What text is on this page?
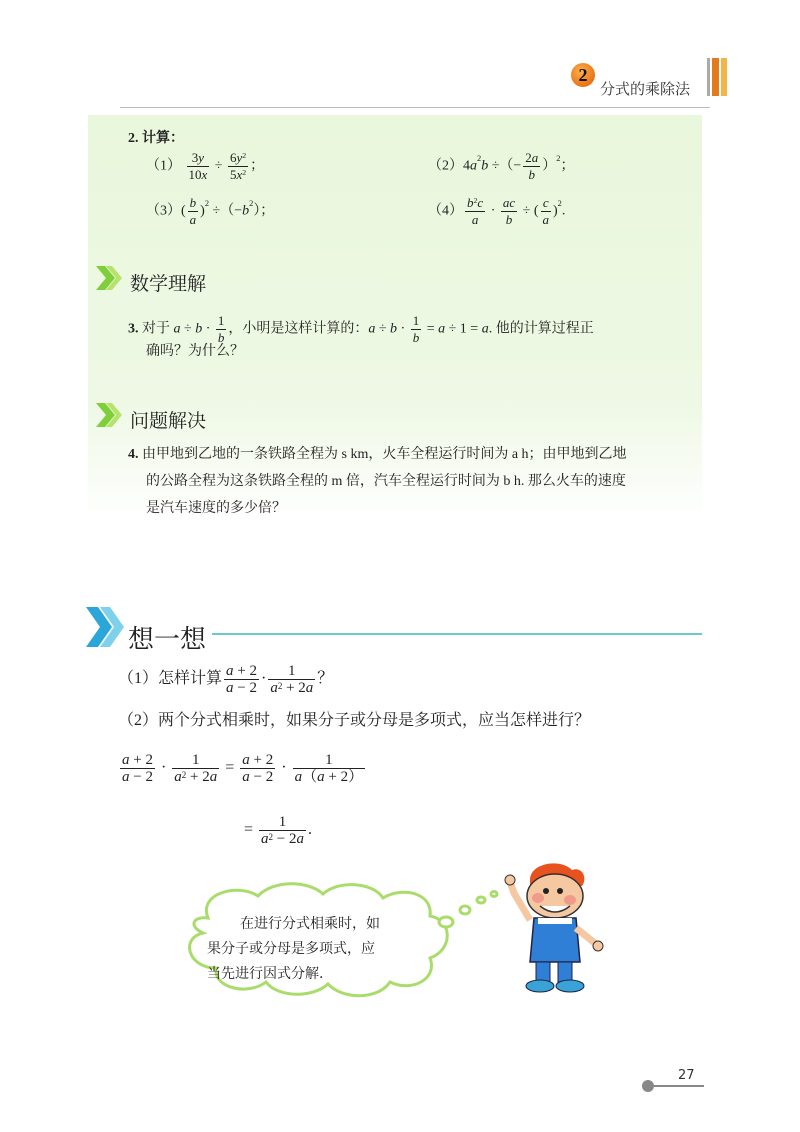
2
分式的乘除法
2. 计算：
$(1) \frac{3y}{10x} \div \frac{6y^2}{5x^2}$ ；	$(2)4a^2b$ ÷（− $\frac{2a}{b} )^2$；
$(3)( \frac{b}{a} )^2 \div(-b^2)$；	$(4) \frac{b^2c}{a} \cdot \frac{ac}{b}$ ÷ ( $\frac{c}{a} )^2$.
数学理解
3. 对于 $a \div b \cdot \frac{1}{b}$ ，小明是这样计算的：$a \div b \cdot \frac{1}{b} = a \div 1 = a$. 他的计算过程正
确吗？为什么？
问题解决
4. 由甲地到乙地的一条铁路全程为 s km，火车全程运行时间为 a h；由甲地到乙地
的公路全程为这条铁路全程的 m 倍，汽车全程运行时间为 b h. 那么火车的速度
是汽车速度的多少倍？
想一想
（1）怎样计算 $\frac{a + 2}{a - 2} \cdot \frac{1}{a^2 + 2a}$ ？
（2）两个分式相乘时，如果分子或分母是多项式，应当怎样进行？
$\frac{a + 2}{a - 2} \cdot \frac{1}{a^2 + 2a} = \frac{a + 2}{a - 2} \cdot \frac{1}{a(a + 2)}$
= $\frac{1}{a^2 - 2a}$ .
在进行分式相乘时，如
果分子或分母是多项式，应
当先进行因式分解.
27
